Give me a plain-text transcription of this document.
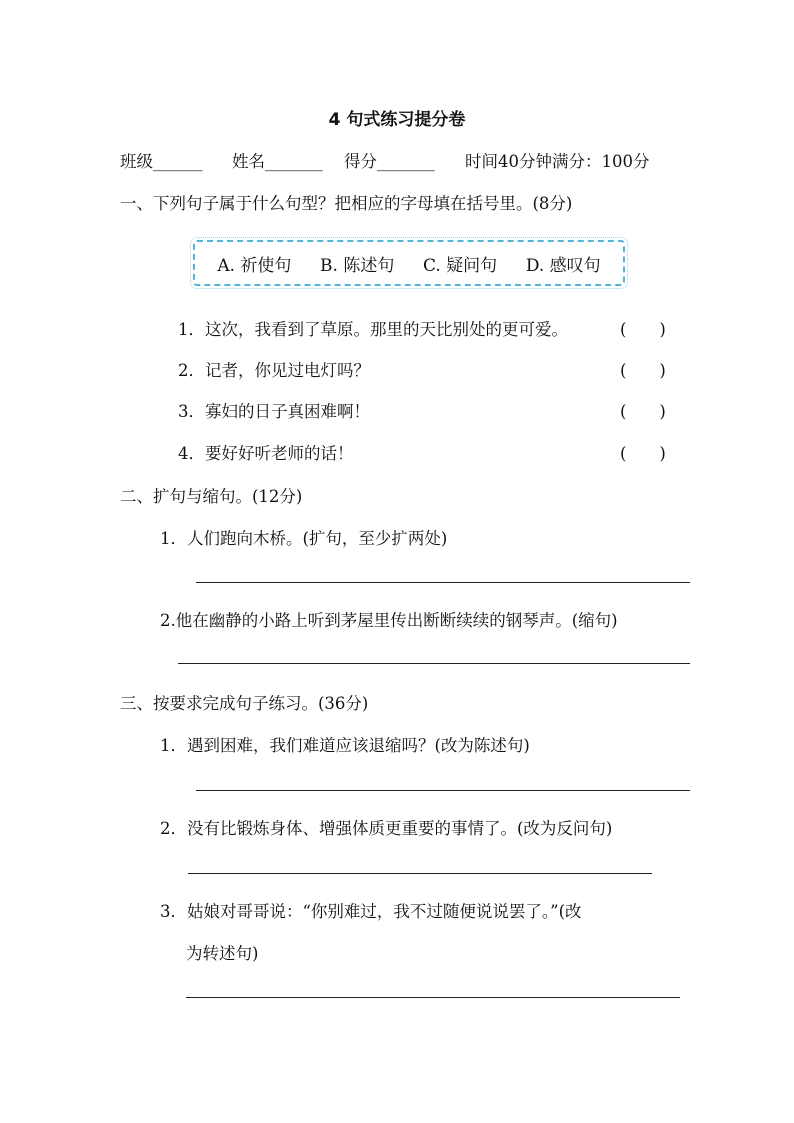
4 句式练习提分卷
班级______ 姓名_______ 得分_______ 时间40分钟满分：100分
一、下列句子属于什么句型？把相应的字母填在括号里。(8分)
A. 祈使句 B. 陈述句 C. 疑问句 D. 感叹句
1．这次，我看到了草原。那里的天比别处的更可爱。	(　　)
2．记者，你见过电灯吗？	(　　)
3．寡妇的日子真困难啊！	(　　)
4．要好好听老师的话！	(　　)
二、扩句与缩句。(12分)
1．人们跑向木桥。(扩句，至少扩两处)
2.他在幽静的小路上听到茅屋里传出断断续续的钢琴声。(缩句)
三、按要求完成句子练习。(36分)
1．遇到困难，我们难道应该退缩吗？(改为陈述句)
2．没有比锻炼身体、增强体质更重要的事情了。(改为反问句)
3．姑娘对哥哥说：“你别难过，我不过随便说说罢了。”(改
为转述句)
